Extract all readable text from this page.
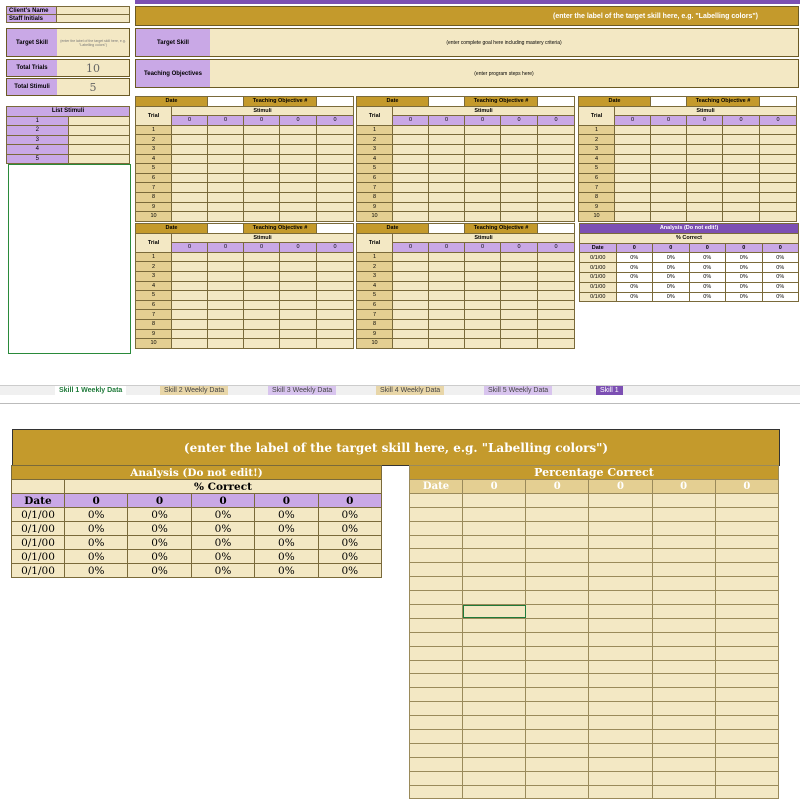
(enter the label of the target skill here, e.g. "Labelling colors")
Client's Name	
Staff Initials	
Target Skill	(enter the label of the target skill here, e.g. "Labelling colors")
Total Trials	10
Total Stimuli	5
Target Skill	(enter complete goal here including mastery criteria)
Teaching Objectives	(enter program steps here)
List Stimuli	
1	
2	
3	
4	
5	
Date			Teaching Objective #		
Trial	Stimuli				
	0	0	0	0	0
1					
2					
3					
4					
5					
6					
7					
8					
9					
10					
Date			Teaching Objective #		
Trial	Stimuli				
	0	0	0	0	0
1					
2					
3					
4					
5					
6					
7					
8					
9					
10					
Date			Teaching Objective #		
Trial	Stimuli				
	0	0	0	0	0
1					
2					
3					
4					
5					
6					
7					
8					
9					
10					
Date			Teaching Objective #		
Trial	Stimuli				
	0	0	0	0	0
1					
2					
3					
4					
5					
6					
7					
8					
9					
10					
Date			Teaching Objective #		
Trial	Stimuli				
	0	0	0	0	0
1					
2					
3					
4					
5					
6					
7					
8					
9					
10					
Analysis (Do not edit!)					
% Correct					
Date	0	0	0	0	0
0/1/00	0%	0%	0%	0%	0%
0/1/00	0%	0%	0%	0%	0%
0/1/00	0%	0%	0%	0%	0%
0/1/00	0%	0%	0%	0%	0%
0/1/00	0%	0%	0%	0%	0%
Skill 1 Weekly Data	Skill 2 Weekly Data	Skill 3 Weekly Data	Skill 4 Weekly Data	Skill 5 Weekly Data	Skill 1
(enter the label of the target skill here, e.g. "Labelling colors")
Analysis (Do not edit!)					
	% Correct				
Date	0	0	0	0	0
0/1/00	0%	0%	0%	0%	0%
0/1/00	0%	0%	0%	0%	0%
0/1/00	0%	0%	0%	0%	0%
0/1/00	0%	0%	0%	0%	0%
0/1/00	0%	0%	0%	0%	0%
Percentage Correct					
Date	0	0	0	0	0
